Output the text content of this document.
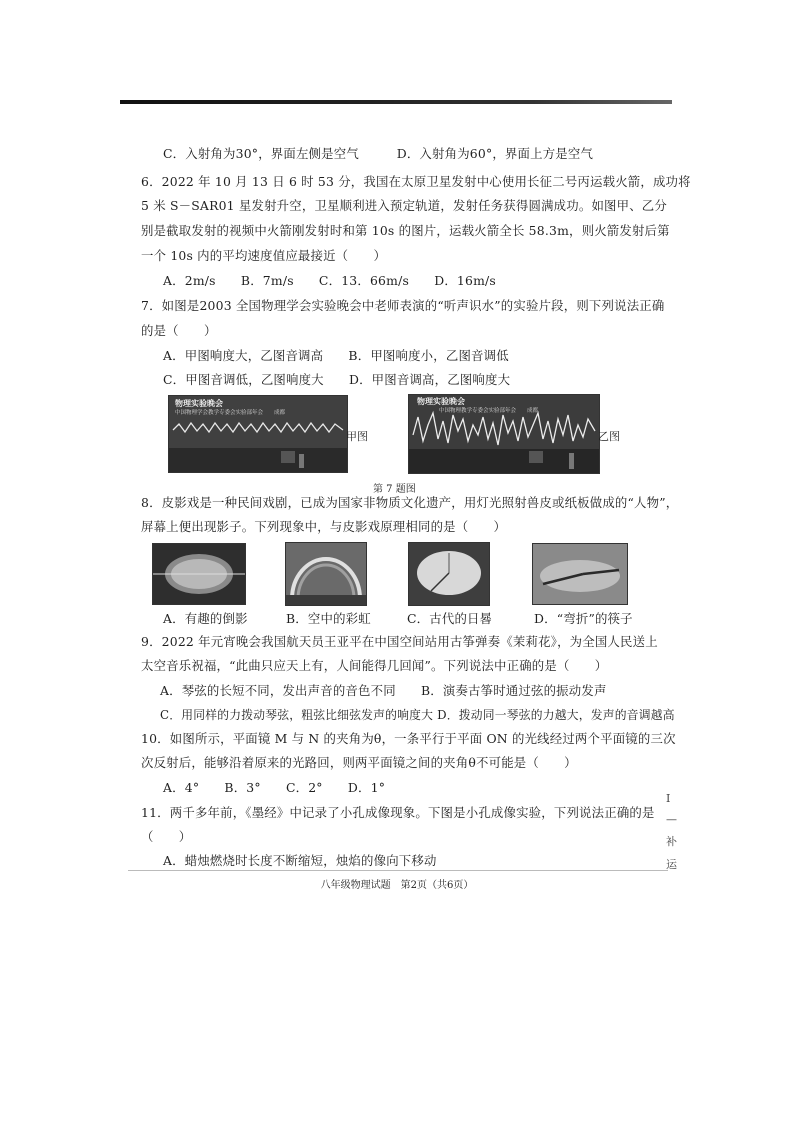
C．入射角为30°，界面左侧是空气　　　D．入射角为60°，界面上方是空气
6．2022 年 10 月 13 日 6 时 53 分，我国在太原卫星发射中心使用长征二号丙运载火箭，成功将
5 米 S－SAR01 星发射升空，卫星顺利进入预定轨道，发射任务获得圆满成功。如图甲、乙分
别是截取发射的视频中火箭刚发射时和第 10s 的图片，运载火箭全长 58.3m，则火箭发射后第
一个 10s 内的平均速度值应最接近（　　）
A．2m/s　　B．7m/s　　C．13．66m/s　　D．16m/s
7．如图是2003 全国物理学会实验晚会中老师表演的“听声识水”的实验片段，则下列说法正确
的是（　　）
A．甲图响度大，乙图音调高　　B．甲图响度小，乙图音调低
C．甲图音调低，乙图响度大　　D．甲图音调高，乙图响度大
物理实验晚会
中国物理学会教学专委会实验部年会　　成都
甲图
物理实验晚会
中国物理教学专委会实验部年会　　成都
乙图
第 7 题图
8．皮影戏是一种民间戏剧，已成为国家非物质文化遗产，用灯光照射兽皮或纸板做成的“人物”，
屏幕上便出现影子。下列现象中，与皮影戏原理相同的是（　　）
A．有趣的倒影	B．空中的彩虹	C．古代的日晷	D．“弯折”的筷子
9．2022 年元宵晚会我国航天员王亚平在中国空间站用古筝弹奏《茉莉花》，为全国人民送上
太空音乐祝福，“此曲只应天上有，人间能得几回闻”。下列说法中正确的是（　　）
A．琴弦的长短不同，发出声音的音色不同　　B．演奏古筝时通过弦的振动发声
C．用同样的力拨动琴弦，粗弦比细弦发声的响度大 D．拨动同一琴弦的力越大，发声的音调越高
10．如图所示，平面镜 M 与 N 的夹角为θ，一条平行于平面 ON 的光线经过两个平面镜的三次
次反射后，能够沿着原来的光路回，则两平面镜之间的夹角θ不可能是（　　）
A．4°　　B．3°　　C．2°　　D．1°
11．两千多年前，《墨经》中记录了小孔成像现象。下图是小孔成像实验，下列说法正确的是
（　　）
A．蜡烛燃烧时长度不断缩短，烛焰的像向下移动
八年级物理试题　第2页（共6页）
I
—
补
运
